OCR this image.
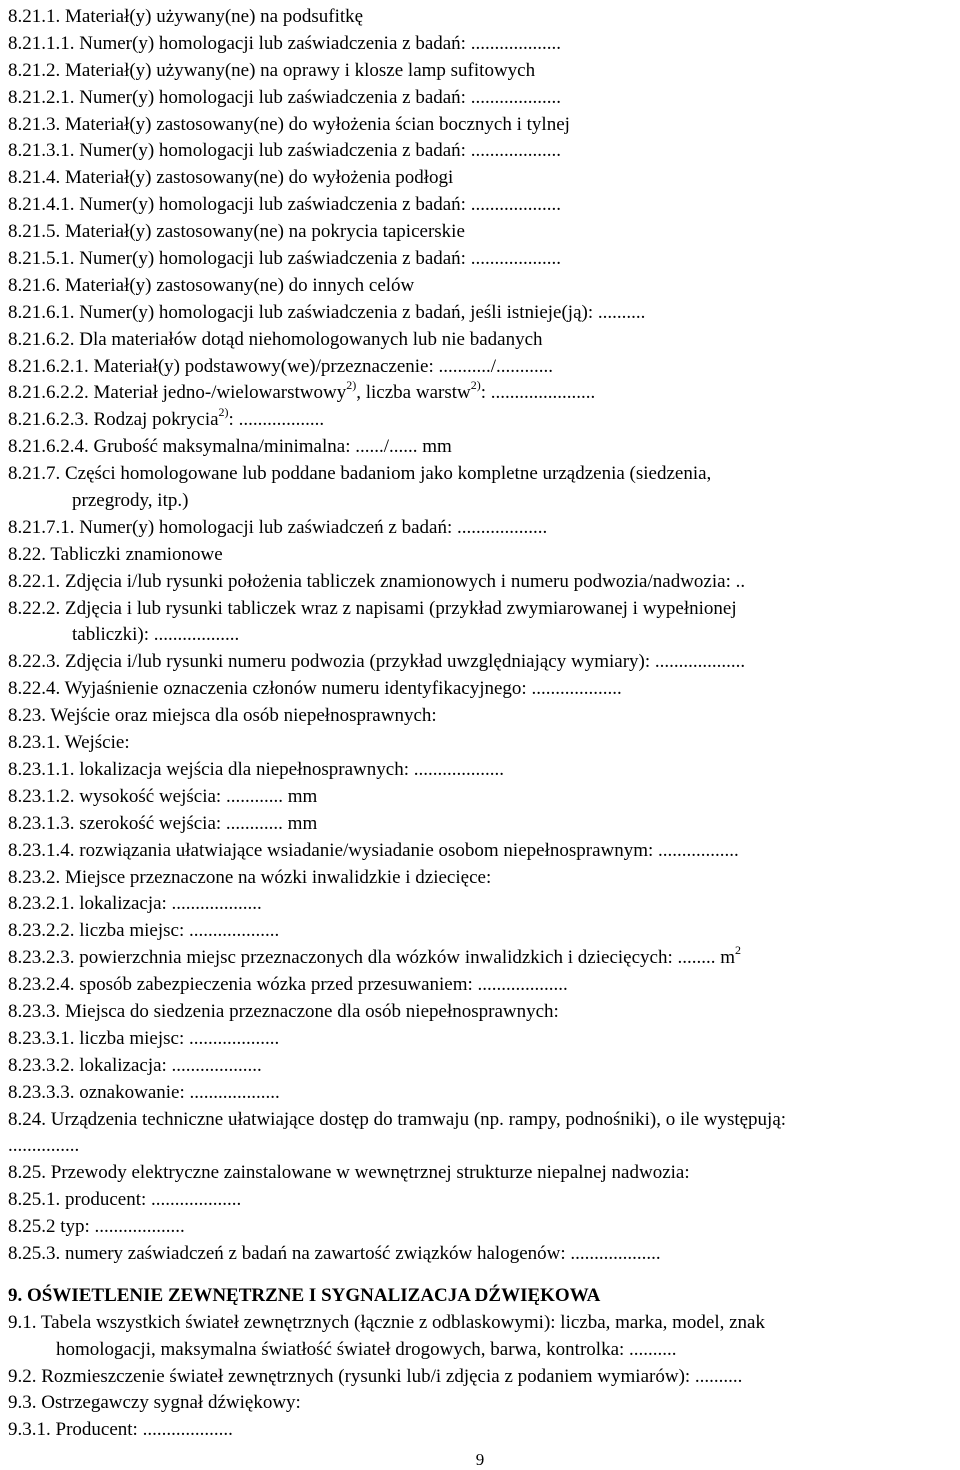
8.21.1. Materiał(y) używany(ne) na podsufitkę
8.21.1.1. Numer(y) homologacji lub zaświadczenia z badań: ...................
8.21.2. Materiał(y) używany(ne) na oprawy i klosze lamp sufitowych
8.21.2.1. Numer(y) homologacji lub zaświadczenia z badań: ...................
8.21.3. Materiał(y) zastosowany(ne) do wyłożenia ścian bocznych i tylnej
8.21.3.1. Numer(y) homologacji lub zaświadczenia z badań: ...................
8.21.4. Materiał(y) zastosowany(ne) do wyłożenia podłogi
8.21.4.1. Numer(y) homologacji lub zaświadczenia z badań: ...................
8.21.5. Materiał(y) zastosowany(ne) na pokrycia tapicerskie
8.21.5.1. Numer(y) homologacji lub zaświadczenia z badań: ...................
8.21.6. Materiał(y) zastosowany(ne) do innych celów
8.21.6.1. Numer(y) homologacji lub zaświadczenia z badań, jeśli istnieje(ją): ..........
8.21.6.2. Dla materiałów dotąd niehomologowanych lub nie badanych
8.21.6.2.1. Materiał(y) podstawowy(we)/przeznaczenie: .........../............
8.21.6.2.2. Materiał jedno-/wielowarstwowy$^{2)}$, liczba warstw$^{2)}$: ......................
8.21.6.2.3. Rodzaj pokrycia$^{2)}$: ..................
8.21.6.2.4. Grubość maksymalna/minimalna: ....../...... mm
8.21.7. Części homologowane lub poddane badaniom jako kompletne urządzenia (siedzenia,
przegrody, itp.)
8.21.7.1. Numer(y) homologacji lub zaświadczeń z badań: ...................
8.22. Tabliczki znamionowe
8.22.1. Zdjęcia i/lub rysunki położenia tabliczek znamionowych i numeru podwozia/nadwozia: ..
8.22.2. Zdjęcia i lub rysunki tabliczek wraz z napisami (przykład zwymiarowanej i wypełnionej
tabliczki): ..................
8.22.3. Zdjęcia i/lub rysunki numeru podwozia (przykład uwzględniający wymiary): ...................
8.22.4. Wyjaśnienie oznaczenia członów numeru identyfikacyjnego: ...................
8.23. Wejście oraz miejsca dla osób niepełnosprawnych:
8.23.1. Wejście:
8.23.1.1. lokalizacja wejścia dla niepełnosprawnych: ...................
8.23.1.2. wysokość wejścia: ............ mm
8.23.1.3. szerokość wejścia: ............ mm
8.23.1.4. rozwiązania ułatwiające wsiadanie/wysiadanie osobom niepełnosprawnym: .................
8.23.2. Miejsce przeznaczone na wózki inwalidzkie i dziecięce:
8.23.2.1. lokalizacja: ...................
8.23.2.2. liczba miejsc: ...................
8.23.2.3. powierzchnia miejsc przeznaczonych dla wózków inwalidzkich i dziecięcych: ........ $m^2$
8.23.2.4. sposób zabezpieczenia wózka przed przesuwaniem: ...................
8.23.3. Miejsca do siedzenia przeznaczone dla osób niepełnosprawnych:
8.23.3.1. liczba miejsc: ...................
8.23.3.2. lokalizacja: ...................
8.23.3.3. oznakowanie: ...................
8.24. Urządzenia techniczne ułatwiające dostęp do tramwaju (np. rampy, podnośniki), o ile występują:
...............
8.25. Przewody elektryczne zainstalowane w wewnętrznej strukturze niepalnej nadwozia:
8.25.1. producent: ...................
8.25.2 typ: ...................
8.25.3. numery zaświadczeń z badań na zawartość związków halogenów: ...................
9. OŚWIETLENIE ZEWNĘTRZNE I SYGNALIZACJA DŹWIĘKOWA
9.1. Tabela wszystkich świateł zewnętrznych (łącznie z odblaskowymi): liczba, marka, model, znak
homologacji, maksymalna światłość świateł drogowych, barwa, kontrolka: ..........
9.2. Rozmieszczenie świateł zewnętrznych (rysunki lub/i zdjęcia z podaniem wymiarów): ..........
9.3. Ostrzegawczy sygnał dźwiękowy:
9.3.1. Producent: ...................
9
